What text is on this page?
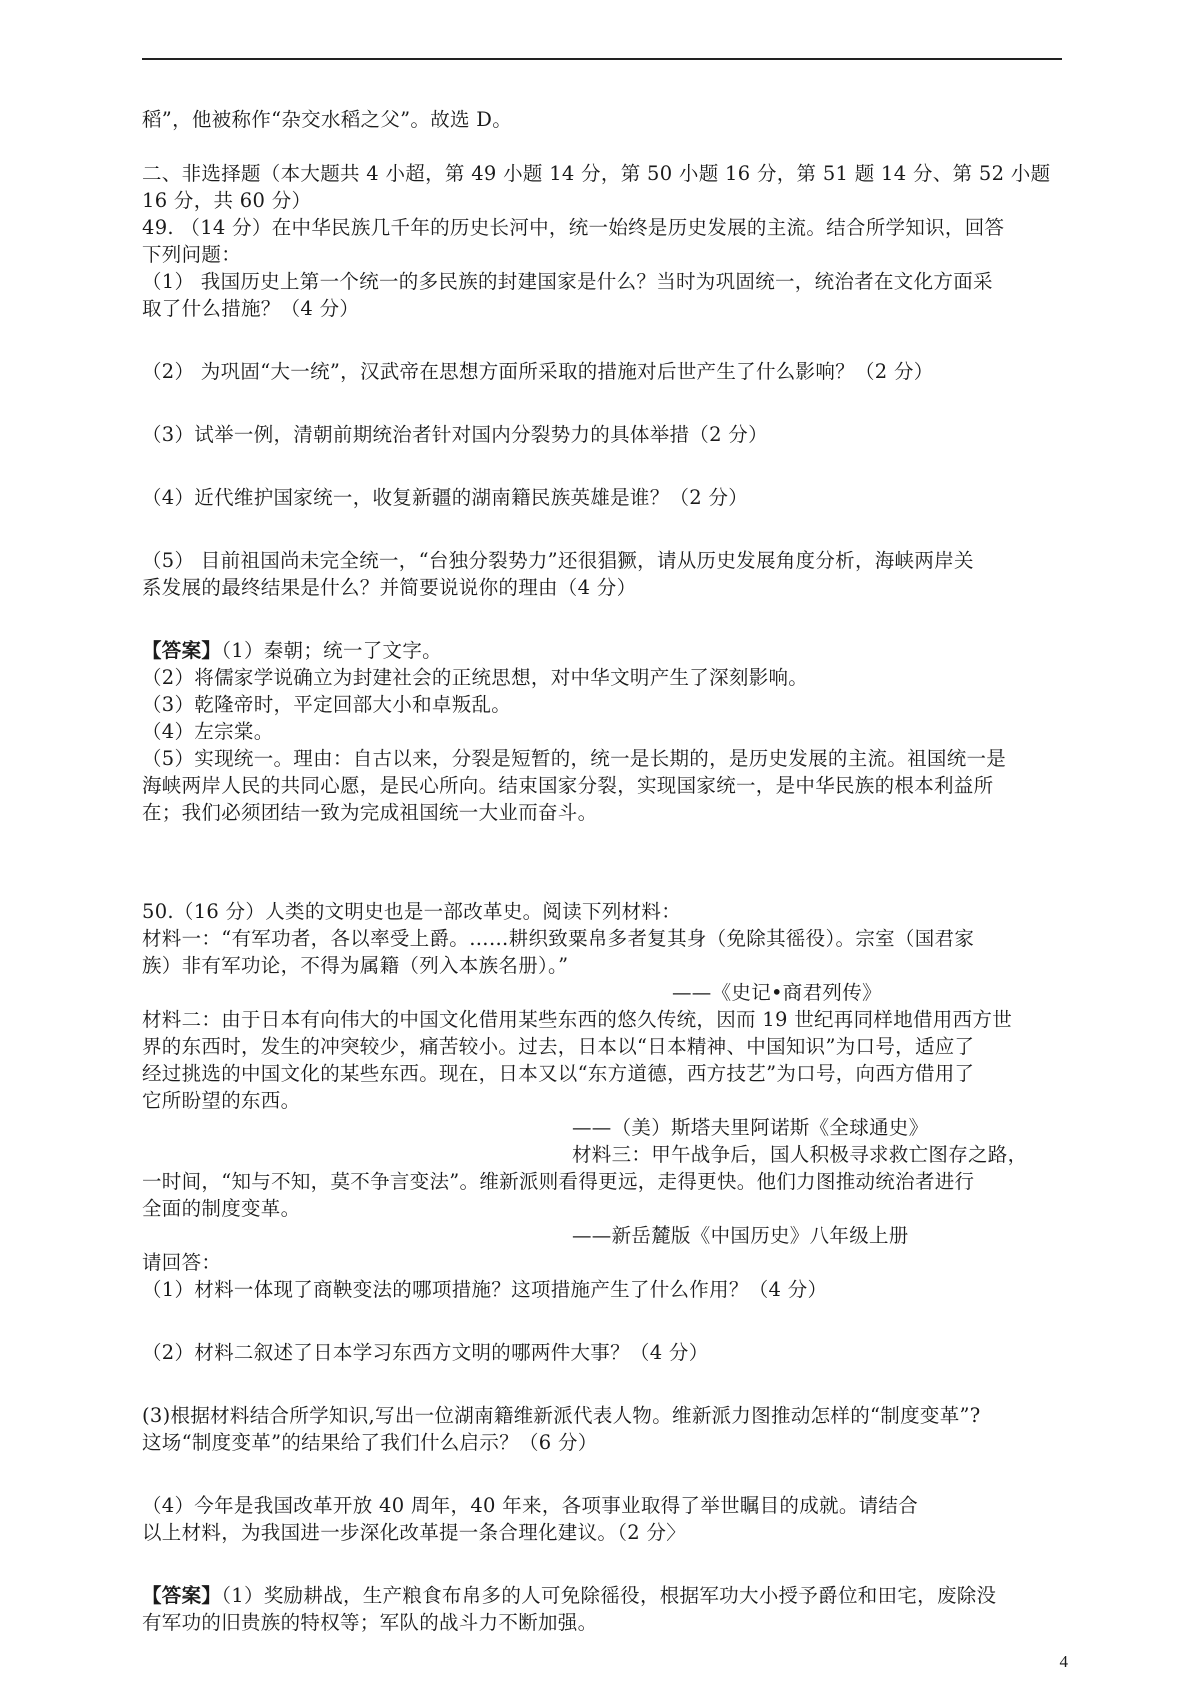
稻”，他被称作“杂交水稻之父”。故选 D。
二、非选择题（本大题共 4 小超，第 49 小题 14 分，第 50 小题 16 分，第 51 题 14 分、第 52 小题
16 分，共 60 分）
49. （14 分）在中华民族几千年的历史长河中，统一始终是历史发展的主流。结合所学知识，回答
下列问题：
（1） 我国历史上第一个统一的多民族的封建国家是什么？当时为巩固统一，统治者在文化方面采
取了什么措施？（4 分）
（2） 为巩固“大一统”，汉武帝在思想方面所采取的措施对后世产生了什么影响？（2 分）
（3）试举一例，清朝前期统治者针对国内分裂势力的具体举措（2 分）
（4）近代维护国家统一，收复新疆的湖南籍民族英雄是谁？（2 分）
（5） 目前祖国尚未完全统一，“台独分裂势力”还很猖獗，请从历史发展角度分析，海峡两岸关
系发展的最终结果是什么？并简要说说你的理由（4 分）
【答案】（1）秦朝；统一了文字。
（2）将儒家学说确立为封建社会的正统思想，对中华文明产生了深刻影响。
（3）乾隆帝时，平定回部大小和卓叛乱。
（4）左宗棠。
（5）实现统一。理由：自古以来，分裂是短暂的，统一是长期的，是历史发展的主流。祖国统一是
海峡两岸人民的共同心愿，是民心所向。结束国家分裂，实现国家统一，是中华民族的根本利益所
在；我们必须团结一致为完成祖国统一大业而奋斗。
50.（16 分）人类的文明史也是一部改革史。阅读下列材料：
材料一：“有军功者，各以率受上爵。……耕织致粟帛多者复其身（免除其徭役）。宗室（国君家
族）非有军功论，不得为属籍（列入本族名册）。”
——《史记•商君列传》
材料二：由于日本有向伟大的中国文化借用某些东西的悠久传统，因而 19 世纪再同样地借用西方世
界的东西时，发生的冲突较少，痛苦较小。过去，日本以“日本精神、中国知识”为口号，适应了
经过挑选的中国文化的某些东西。现在，日本又以“东方道德，西方技艺”为口号，向西方借用了
它所盼望的东西。
——（美）斯塔夫里阿诺斯《全球通史》
材料三：甲午战争后，国人积极寻求救亡图存之路，
一时间，“知与不知，莫不争言变法”。维新派则看得更远，走得更快。他们力图推动统治者进行
全面的制度变革。
——新岳麓版《中国历史》八年级上册
请回答：
（1）材料一体现了商鞅变法的哪项措施？这项措施产生了什么作用？（4 分）
（2）材料二叙述了日本学习东西方文明的哪两件大事？（4 分）
(3)根据材料结合所学知识,写出一位湖南籍维新派代表人物。维新派力图推动怎样的“制度变革”?
这场“制度变革”的结果给了我们什么启示？（6 分）
（4）今年是我国改革开放 40 周年，40 年来，各项事业取得了举世瞩目的成就。请结合
以上材料，为我国进一步深化改革提一条合理化建议。（2 分〉
【答案】（1）奖励耕战，生产粮食布帛多的人可免除徭役，根据军功大小授予爵位和田宅，废除没
有军功的旧贵族的特权等；军队的战斗力不断加强。
4
